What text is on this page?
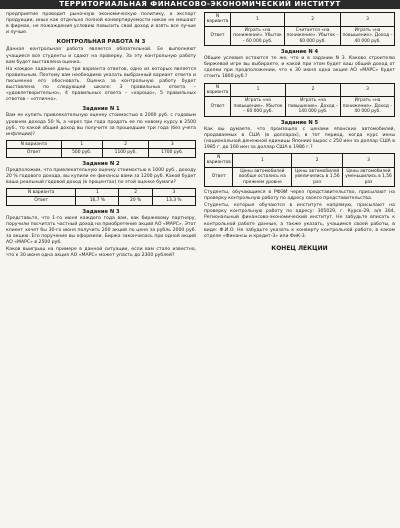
ТЕРРИТОРИАЛЬНАЯ ФИНАНСОВО-ЭКОНОМИЧЕСКИЙ ИНСТИТУТ

предприятие проводит рыночную экономическую политику, а экспорт продукции, иных как отдельно полной конвертируемости никак не мешают в фирмах, не пожаждения условию повысить свой доход и взять все лучше и лучше.

КОНТРОЛЬНАЯ РАБОТА N 3

Данная контрольная работа является обязательной. Ее выполняют учащиеся все студенты и сдают на проверку. За эту контрольную работу вам будет выставлена оценка.

На каждое задание даны три варианта ответов, одно из которых является правильным. Поэтому вам необходимо указать выбранный вариант ответа и письменно его обосновать. Оценка за контрольную работу будет выставлена по следующей шкале: 3 правильных ответа – «удовлетворительно», 4 правильных ответа – «хорошо», 5 правильных ответов – «отлично».

Задание N 1

Вам ее купить привлекательную оценку стоимостью в 2000 руб. с годовым уровнем дохода 50 %, а через три года продать ее по новому курсу в 2500 руб., то какой общий доход вы получите за прошедшие три года (без учета инфляции)?

N варианта	1	2	3
Ответ	500 руб.	1100 руб.	1700 руб.
Задание N 2

Предположим, что привлекательную оценку стоимостью в 1000 руб., доходу 20 % годового дохода, вы купили ее финансы вами за 1200 руб. Какой будет ваша реальный годовой доход (в процентах) по этой оценке бумаги?

N варианта	1	2	3
Ответ	16,7 %	20 %	13,3 %
Задание N 3

Представьте, что 1-го июня каждого года вам, как биржевому партнеру, поручили посчитать частный доход на приобретение акций АО «МАРС». Этот клиент хочет бы 30-го июня получить 200 акций по цене за рубль 2000 руб. за акцию. Его поручение вы оформили. Биржа закончилась при одной акций АО «МАРС» в 2500 руб.

Каков выигрыш на примере в данной ситуации, если вам стало известно, что к 30 июня одна акция АО «МАРС» может упасть до 2300 рублей?

N варианта	1	2	3
Ответ	Играть «на понижение». Убыток – 60 000 руб.	Считается «на понижение». Убыток – 60 000 руб.	Играть «на повышение». Доход – 40 000 руб.
Задание N 4

Общие условия остаются те же, что и в задании N 3. Каково строителю биржевой игре вы выбираете, и какой при этом будет ваш общий доход от сделки при предположении, что к 30 июня одна акция АО «МАРС» будет стоить 1800 руб.?

N варианта	1	2	3
Ответ	Играть «на повышение». Убыток – 60 000 руб.	Играть «на повышение». Доход – 140 000 руб.	Играть «на понижение». Доход – 40 000 руб.
Задание N 5

Как вы думаете, что произошло с ценами японских автомобилей, продаваемых в США (в долларах), в тот период, когда курс иены (национальной денежной единицы Японии) вырос с 250 иен за доллар США в 1985 г. до 160 иен за доллар США в 1986 г.?

N вариантов	1	2	3
Ответ	Цены автомобилей вообще остались на прежнем уровне	Цены автомобилей увеличились в 1,56 раз	Цены автомобилей уменьшились в 1,56 раз

Студенты, обучающиеся в РФЭИ через представительство, присылают на проверку контрольную работу по адресу своего представительства.

Студенты, которые обучаются в институте напрямую, присылают на проверку контрольную работу по адресу: 305029, г. Курск-29, а/я 304, Региональный финансово-экономический институт. Не забудьте вписать к контрольной работе данные, а также указать, учащимся своей работы, в виде: Ф.И.О. Не забудьте указать к конверту контрольной работе, в каком отделе «Финансы и кредит-3» или ФиК-3.

КОНЕЦ ЛЕКЦИИ
